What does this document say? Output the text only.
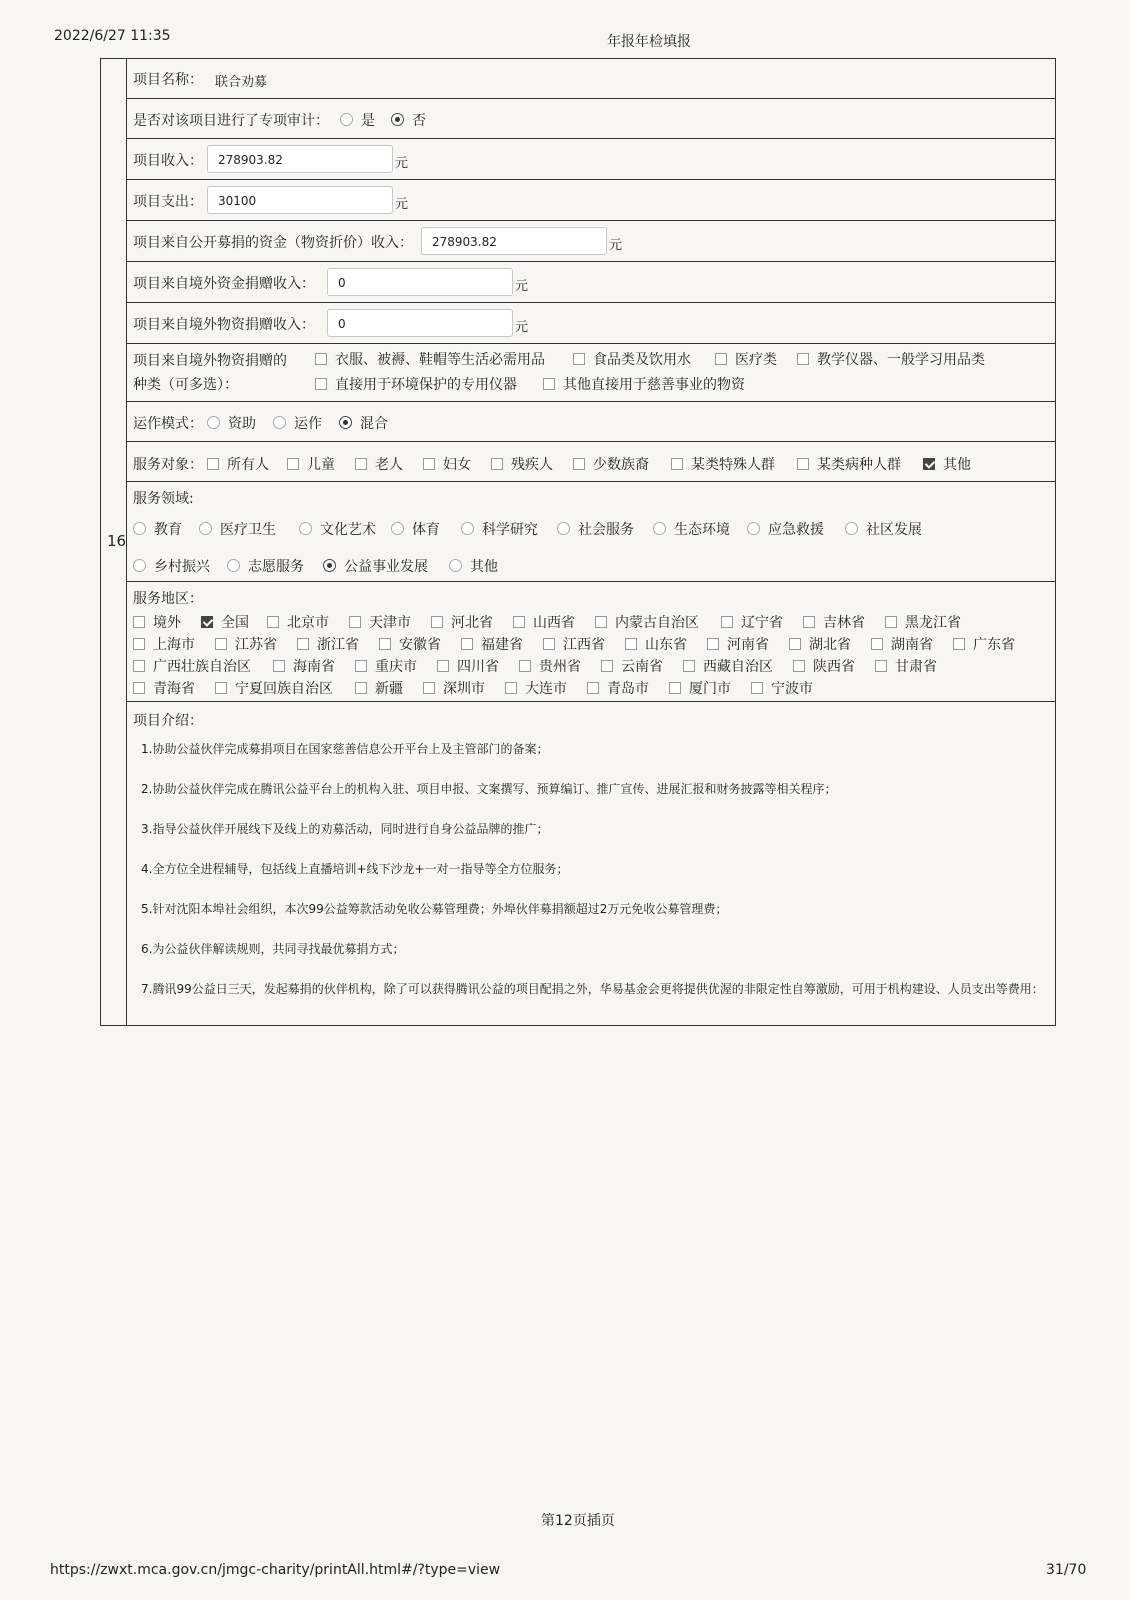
2022/6/27 11:35	年报年检填报
16
项目名称： 联合劝募
是否对该项目进行了专项审计：	是	否
项目收入：	278903.82	元
项目支出：	30100	元
项目来自公开募捐的资金（物资折价）收入：	278903.82	元
项目来自境外资金捐赠收入：	0	元
项目来自境外物资捐赠收入：	0	元
项目来自境外物资捐赠的
种类（可多选）：
衣服、被褥、鞋帽等生活必需用品	食品类及饮用水	医疗类	教学仪器、一般学习用品类
直接用于环境保护的专用仪器	其他直接用于慈善事业的物资
运作模式：	资助	运作	混合
服务对象：	所有人	儿童	老人	妇女	残疾人	少数族裔	某类特殊人群	某类病种人群	其他
服务领域:
教育	医疗卫生	文化艺术	体育	科学研究	社会服务	生态环境	应急救援	社区发展
乡村振兴	志愿服务	公益事业发展	其他
服务地区：
境外	全国	北京市	天津市	河北省	山西省	内蒙古自治区	辽宁省	吉林省	黑龙江省
上海市	江苏省	浙江省	安徽省	福建省	江西省	山东省	河南省	湖北省	湖南省	广东省
广西壮族自治区	海南省	重庆市	四川省	贵州省	云南省	西藏自治区	陕西省	甘肃省
青海省	宁夏回族自治区	新疆	深圳市	大连市	青岛市	厦门市	宁波市
项目介绍：
1.协助公益伙伴完成募捐项目在国家慈善信息公开平台上及主管部门的备案；
2.协助公益伙伴完成在腾讯公益平台上的机构入驻、项目申报、文案撰写、预算编订、推广宣传、进展汇报和财务披露等相关程序；
3.指导公益伙伴开展线下及线上的劝募活动，同时进行自身公益品牌的推广；
4.全方位全进程辅导，包括线上直播培训+线下沙龙+一对一指导等全方位服务；
5.针对沈阳本埠社会组织，本次99公益筹款活动免收公募管理费；外埠伙伴募捐额超过2万元免收公募管理费；
6.为公益伙伴解读规则，共同寻找最优募捐方式；
7.腾讯99公益日三天，发起募捐的伙伴机构，除了可以获得腾讯公益的项目配捐之外，华易基金会更将提供优渥的非限定性自筹激励，可用于机构建设、人员支出等费用：
第12页插页
https://zwxt.mca.gov.cn/jmgc-charity/printAll.html#/?type=view	31/70
